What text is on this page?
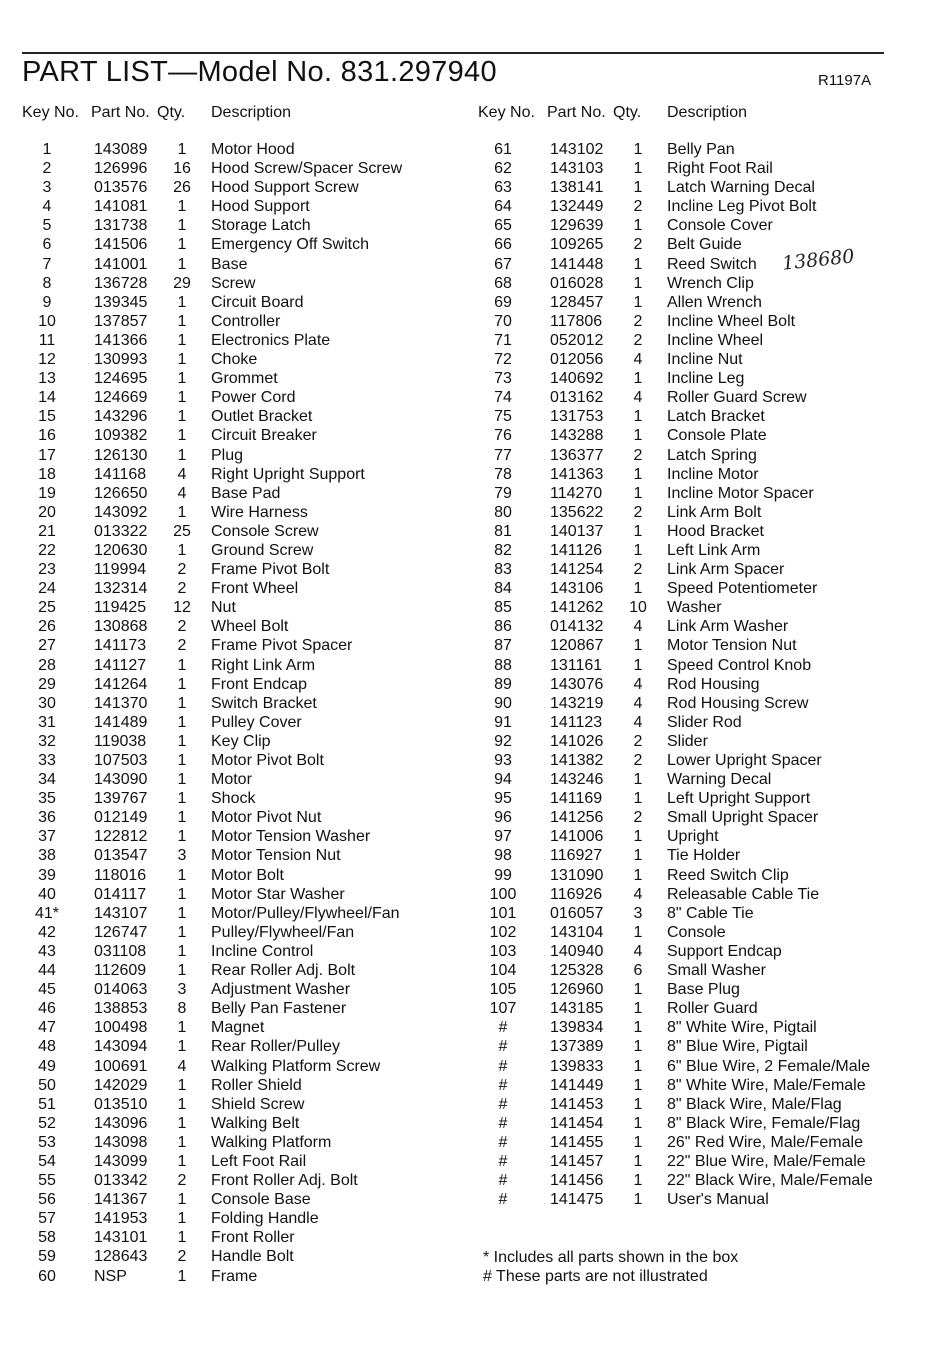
PART LIST—Model No. 831.297940	R1197A
Key No. Part No. Qty. Description
1	143089	1	Motor Hood
2	126996 16 Hood Screw/Spacer Screw
3	013576 26 Hood Support Screw
4	141081	1	Hood Support
5	131738	1	Storage Latch
6	141506	1	Emergency Off Switch
7	141001	1	Base
8	136728 29 Screw
9	139345	1	Circuit Board
10	137857	1	Controller
11	141366	1	Electronics Plate
12	130993	1	Choke
13	124695	1	Grommet
14	124669	1	Power Cord
15	143296	1	Outlet Bracket
16	109382	1	Circuit Breaker
17	126130	1	Plug
18	141168	4	Right Upright Support
19	126650	4	Base Pad
20	143092	1	Wire Harness
21	013322 25 Console Screw
22	120630	1	Ground Screw
23	119994	2	Frame Pivot Bolt
24	132314	2	Front Wheel
25	119425 12 Nut
26	130868	2	Wheel Bolt
27	141173	2	Frame Pivot Spacer
28	141127	1	Right Link Arm
29	141264	1	Front Endcap
30	141370	1	Switch Bracket
31	141489	1	Pulley Cover
32	119038	1	Key Clip
33	107503	1	Motor Pivot Bolt
34	143090	1	Motor
35	139767	1	Shock
36	012149	1	Motor Pivot Nut
37	122812	1	Motor Tension Washer
38	013547	3	Motor Tension Nut
39	118016	1	Motor Bolt
40	014117	1	Motor Star Washer
41*	143107	1	Motor/Pulley/Flywheel/Fan
42	126747	1	Pulley/Flywheel/Fan
43	031108	1	Incline Control
44	112609	1	Rear Roller Adj. Bolt
45	014063	3	Adjustment Washer
46	138853	8	Belly Pan Fastener
47	100498	1	Magnet
48	143094	1	Rear Roller/Pulley
49	100691	4	Walking Platform Screw
50	142029	1	Roller Shield
51	013510	1	Shield Screw
52	143096	1	Walking Belt
53	143098	1	Walking Platform
54	143099	1	Left Foot Rail
55	013342	2	Front Roller Adj. Bolt
56	141367	1	Console Base
57	141953	1	Folding Handle
58	143101	1	Front Roller
59	128643	2	Handle Bolt
60	NSP	1	Frame
Key No. Part No. Qty. Description
61	143102	1	Belly Pan
62	143103	1	Right Foot Rail
63	138141	1	Latch Warning Decal
64	132449	2	Incline Leg Pivot Bolt
65	129639	1	Console Cover
66	109265	2	Belt Guide
67	141448	1	Reed Switch
68	016028	1	Wrench Clip
69	128457	1	Allen Wrench
70	117806	2	Incline Wheel Bolt
71	052012	2	Incline Wheel
72	012056	4	Incline Nut
73	140692	1	Incline Leg
74	013162	4	Roller Guard Screw
75	131753	1	Latch Bracket
76	143288	1	Console Plate
77	136377	2	Latch Spring
78	141363	1	Incline Motor
79	114270	1	Incline Motor Spacer
80	135622	2	Link Arm Bolt
81	140137	1	Hood Bracket
82	141126	1	Left Link Arm
83	141254	2	Link Arm Spacer
84	143106	1	Speed Potentiometer
85	141262 10 Washer
86	014132	4	Link Arm Washer
87	120867	1	Motor Tension Nut
88	131161	1	Speed Control Knob
89	143076	4	Rod Housing
90	143219	4	Rod Housing Screw
91	141123	4	Slider Rod
92	141026	2	Slider
93	141382	2	Lower Upright Spacer
94	143246	1	Warning Decal
95	141169	1	Left Upright Support
96	141256	2	Small Upright Spacer
97	141006	1	Upright
98	116927	1	Tie Holder
99	131090	1	Reed Switch Clip
100	116926	4	Releasable Cable Tie
101	016057	3	8" Cable Tie
102	143104	1	Console
103	140940	4	Support Endcap
104	125328	6	Small Washer
105	126960	1	Base Plug
107	143185	1	Roller Guard
#	139834	1	8" White Wire, Pigtail
#	137389	1	8" Blue Wire, Pigtail
#	139833	1	6" Blue Wire, 2 Female/Male
#	141449	1	8" White Wire, Male/Female
#	141453	1	8" Black Wire, Male/Flag
#	141454	1	8" Black Wire, Female/Flag
#	141455	1	26" Red Wire, Male/Female
#	141457	1	22" Blue Wire, Male/Female
#	141456	1	22" Black Wire, Male/Female
#	141475	1	User's Manual
138680
* Includes all parts shown in the box
# These parts are not illustrated
